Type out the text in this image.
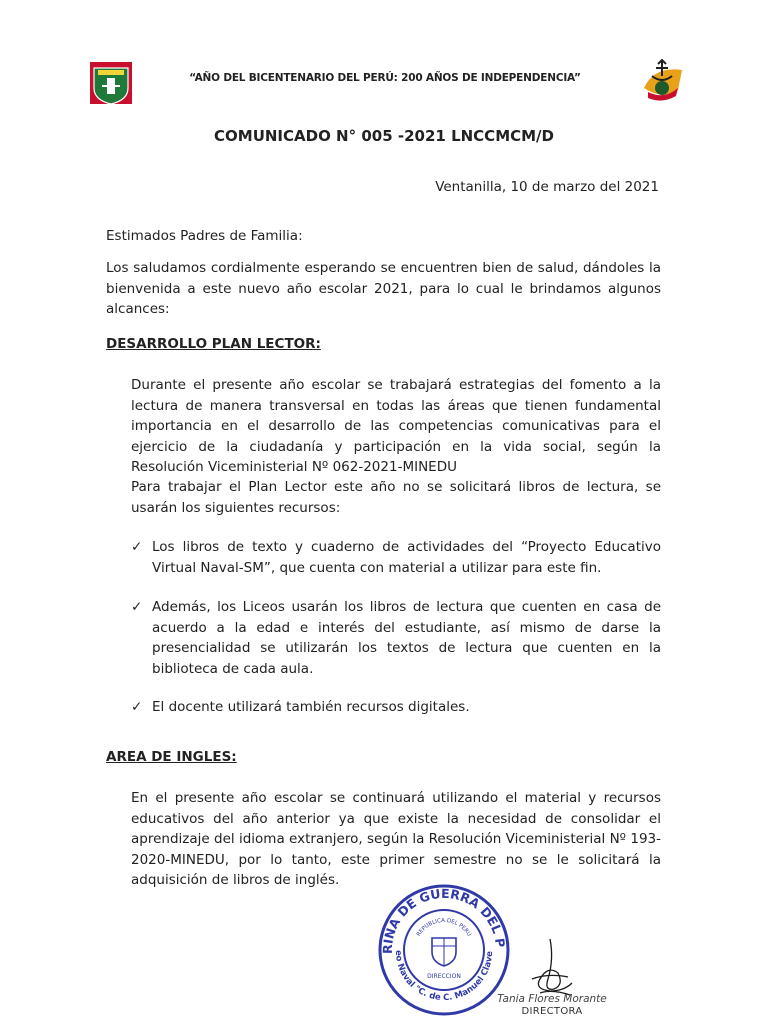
“AÑO DEL BICENTENARIO DEL PERÚ: 200 AÑOS DE INDEPENDENCIA”
COMUNICADO N° 005 -2021 LNCCMCM/D
Ventanilla, 10 de marzo del 2021
Estimados Padres de Familia:
Los saludamos cordialmente esperando se encuentren bien de salud, dándoles la bienvenida a este nuevo año escolar 2021, para lo cual le brindamos algunos alcances:
DESARROLLO PLAN LECTOR:
Durante el presente año escolar se trabajará estrategias del fomento a la lectura de manera transversal en todas las áreas que tienen fundamental importancia en el desarrollo de las competencias comunicativas para el ejercicio de la ciudadanía y participación en la vida social, según la Resolución Viceministerial Nº 062-2021-MINEDU
Para trabajar el Plan Lector este año no se solicitará libros de lectura, se usarán los siguientes recursos:
✓ Los libros de texto y cuaderno de actividades del “Proyecto Educativo Virtual Naval-SM”, que cuenta con material a utilizar para este fin.
✓ Además, los Liceos usarán los libros de lectura que cuenten en casa de acuerdo a la edad e interés del estudiante, así mismo de darse la presencialidad se utilizarán los textos de lectura que cuenten en la biblioteca de cada aula.
✓ El docente utilizará también recursos digitales.
AREA DE INGLES:
En el presente año escolar se continuará utilizando el material y recursos educativos del año anterior ya que existe la necesidad de consolidar el aprendizaje del idioma extranjero, según la Resolución Viceministerial Nº 193-2020-MINEDU, por lo tanto, este primer semestre no se le solicitará la adquisición de libros de inglés.
RINA DE GUERRA DEL P
eo Naval "C. de C. Manuel Clave
REPUBLICA DEL PERU
DIRECCION
Tania Flores Morante
DIRECTORA
